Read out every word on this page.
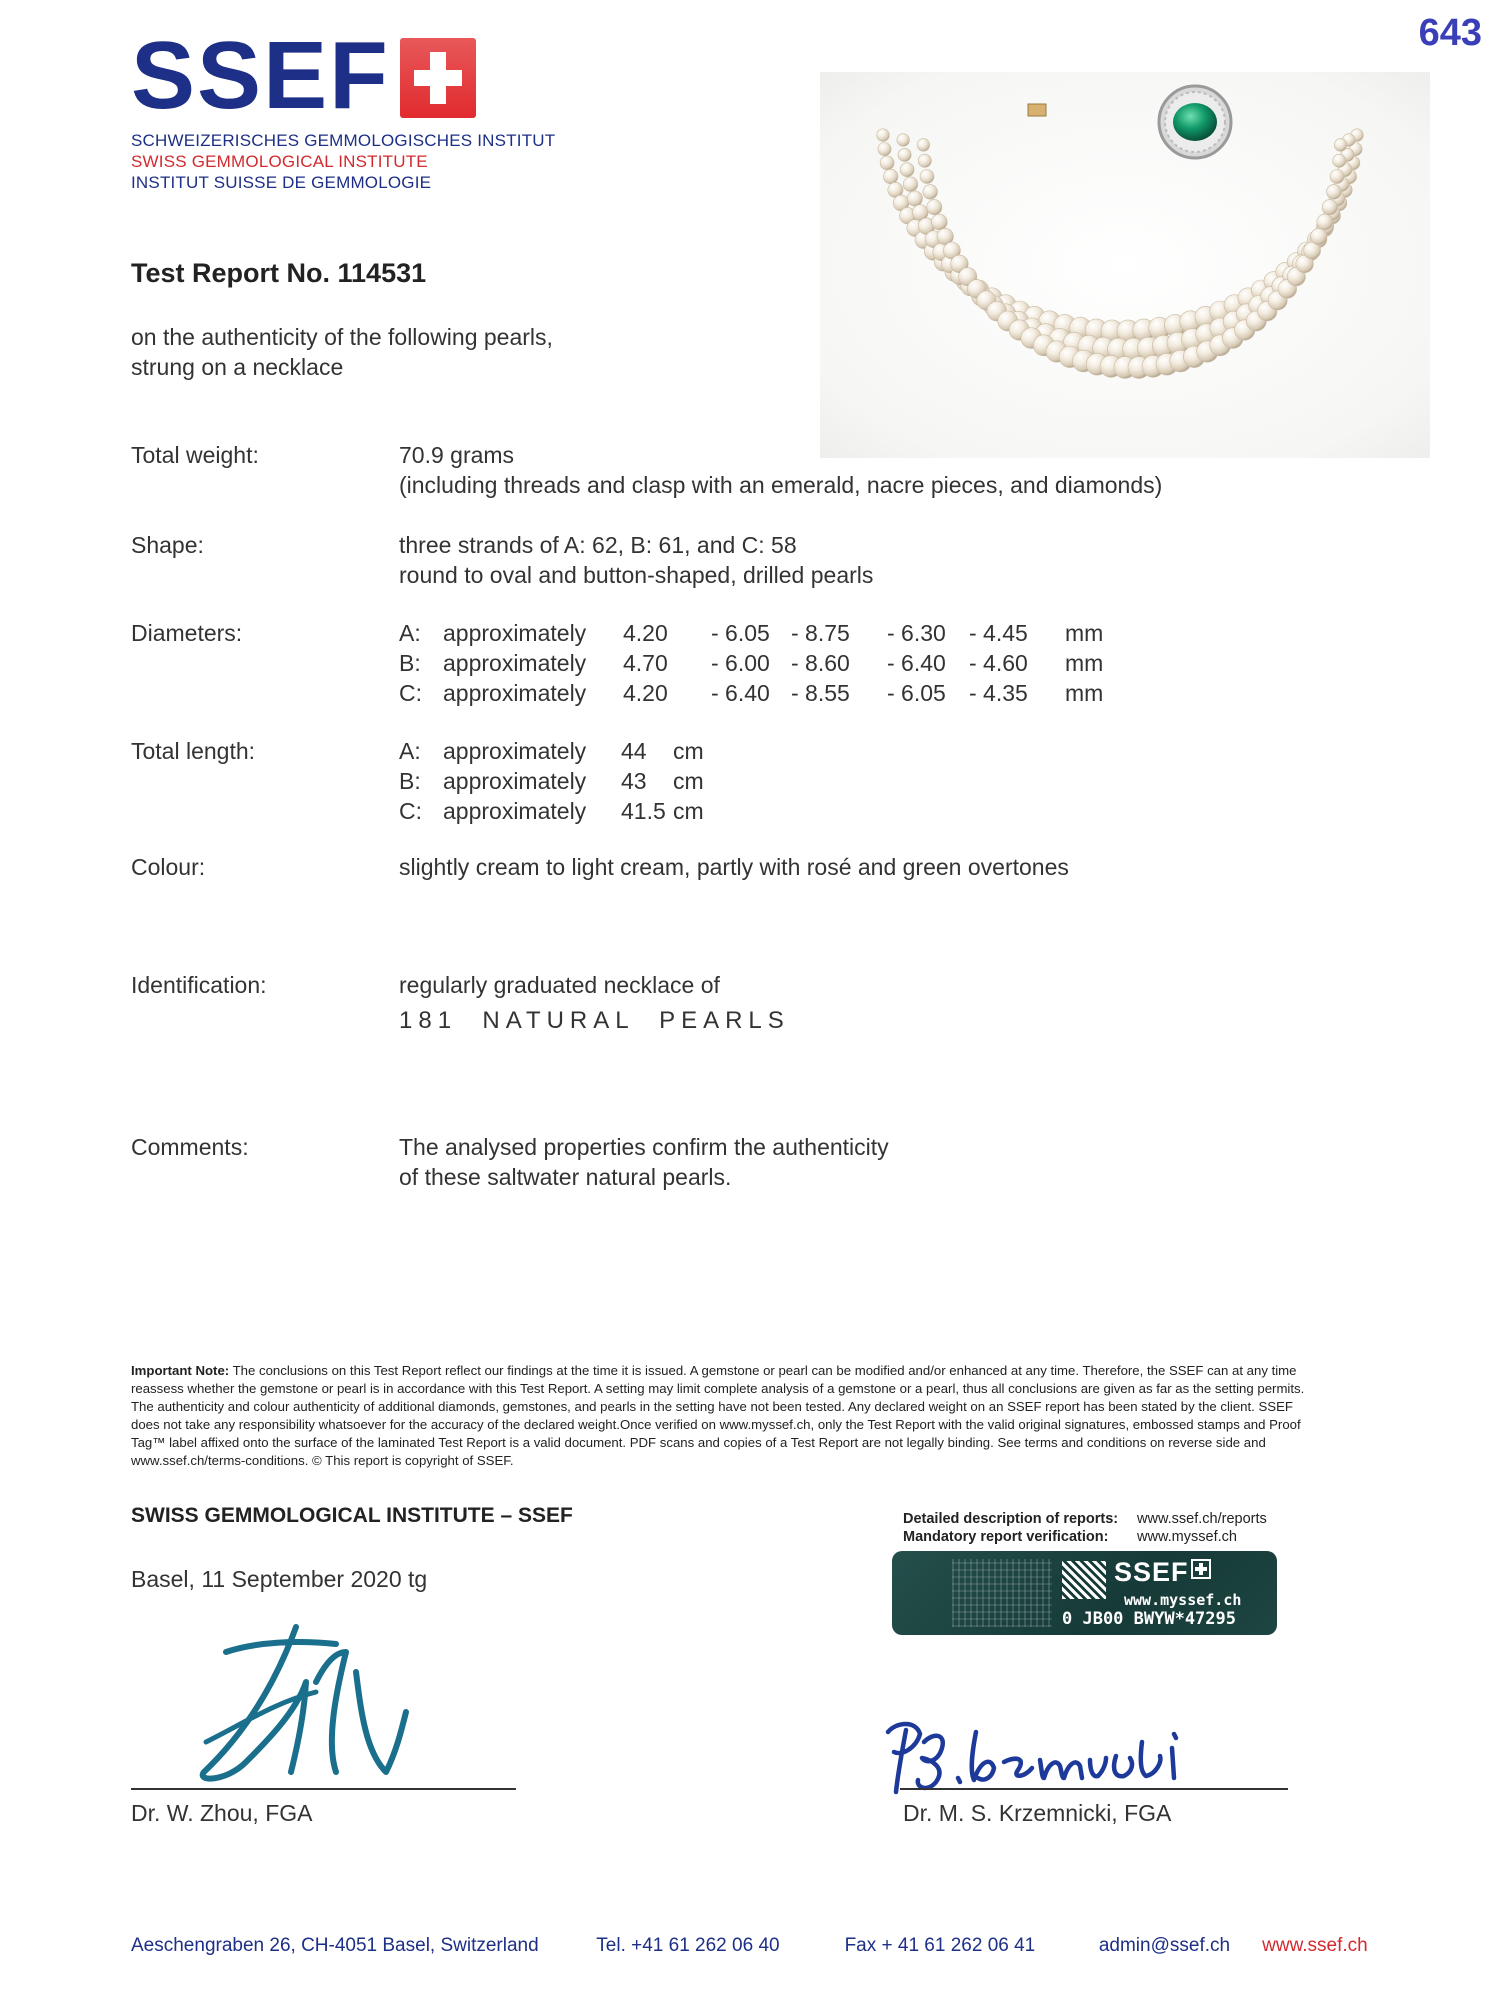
643
SSEF
SCHWEIZERISCHES GEMMOLOGISCHES INSTITUT
SWISS GEMMOLOGICAL INSTITUTE
INSTITUT SUISSE DE GEMMOLOGIE
Test Report No. 114531
on the authenticity of the following pearls,
strung on a necklace
Total weight:	70.9 grams
(including threads and clasp with an emerald, nacre pieces, and diamonds)
Shape:	three strands of A: 62, B: 61, and C: 58
round to oval and button-shaped, drilled pearls
Diameters:	A: approximately	4.20	- 6.05 - 8.75	- 6.30	- 4.45	mm
B: approximately	4.70	- 6.00 - 8.60	- 6.40	- 4.60	mm
C: approximately	4.20	- 6.40 - 8.55	- 6.05	- 4.35	mm
Total length:	A: approximately	44	cm
B: approximately	43	cm
C: approximately	41.5 cm
Colour:	slightly cream to light cream, partly with rosé and green overtones
Identification:	regularly graduated necklace of
181  NATURAL  PEARLS
Comments:	The analysed properties confirm the authenticity
of these saltwater natural pearls.
Important Note: The conclusions on this Test Report reflect our findings at the time it is issued. A gemstone or pearl can be modified and/or enhanced at any time. Therefore, the SSEF can at any time reassess whether the gemstone or pearl is in accordance with this Test Report. A setting may limit complete analysis of a gemstone or a pearl, thus all conclusions are given as far as the setting permits. The authenticity and colour authenticity of additional diamonds, gemstones, and pearls in the setting have not been tested. Any declared weight on an SSEF report has been stated by the client. SSEF does not take any responsibility whatsoever for the accuracy of the declared weight.Once verified on www.myssef.ch, only the Test Report with the valid original signatures, embossed stamps and Proof Tag™ label affixed onto the surface of the laminated Test Report is a valid document. PDF scans and copies of a Test Report are not legally binding. See terms and conditions on reverse side and www.ssef.ch/terms-conditions. © This report is copyright of SSEF.
SWISS GEMMOLOGICAL INSTITUTE – SSEF
Basel, 11 September 2020 tg
Detailed description of reports: www.ssef.ch/reports
Mandatory report verification: www.myssef.ch
SSEF
www.myssef.ch
0 JB00 BWYW*47295
Dr. W. Zhou, FGA	Dr. M. S. Krzemnicki, FGA
Aeschengraben 26, CH-4051 Basel, Switzerland	Tel. +41 61 262 06 40	Fax + 41 61 262 06 41	admin@ssef.ch www.ssef.ch
